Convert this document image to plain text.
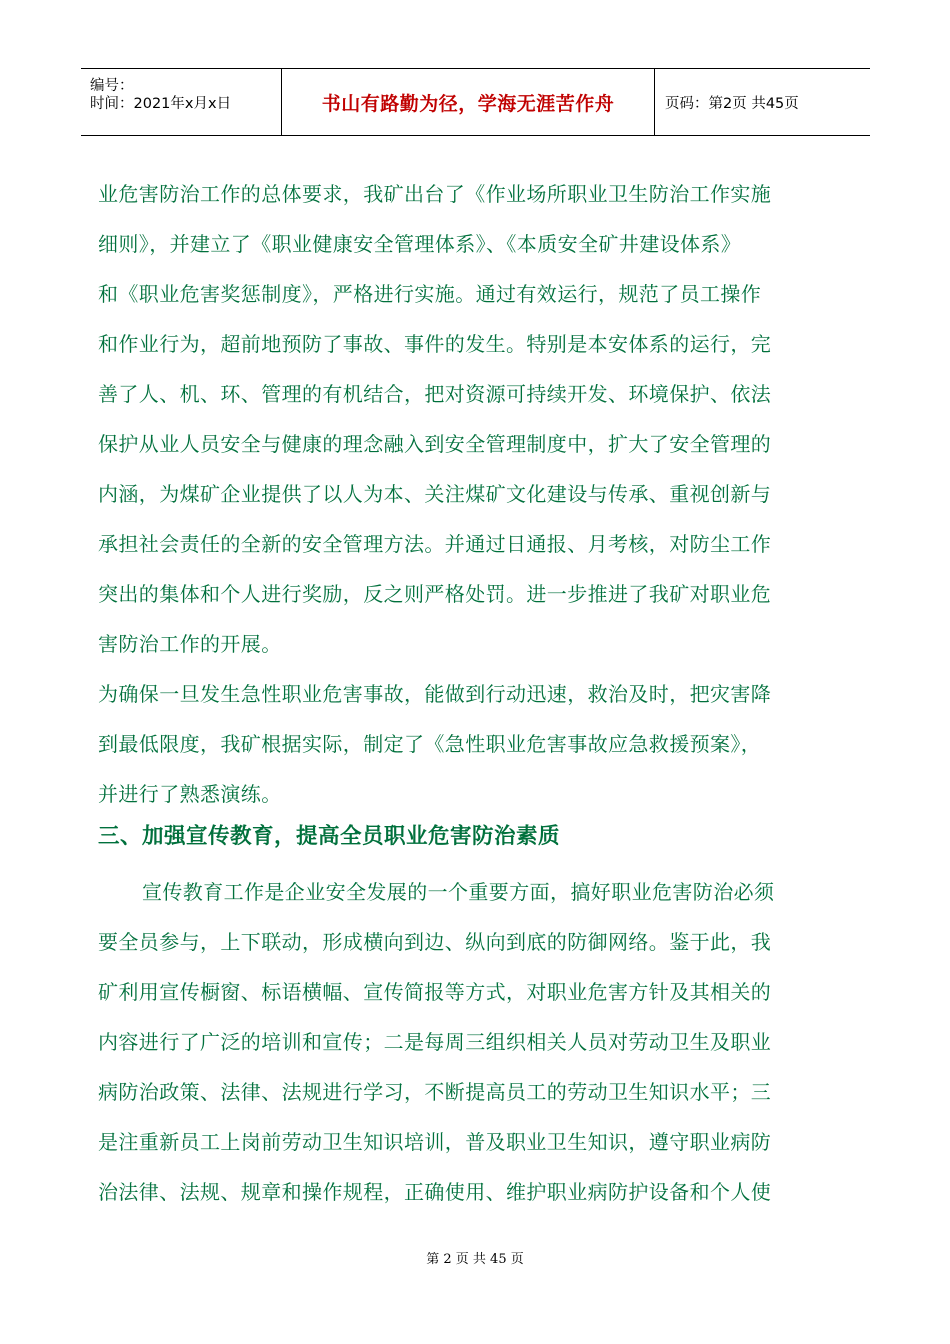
编号：
时间：2021年x月x日	书山有路勤为径，学海无涯苦作舟	页码：第2页 共45页
业危害防治工作的总体要求，我矿出台了《作业场所职业卫生防治工作实施
细则》，并建立了《职业健康安全管理体系》、《本质安全矿井建设体系》
和《职业危害奖惩制度》，严格进行实施。通过有效运行，规范了员工操作
和作业行为，超前地预防了事故、事件的发生。特别是本安体系的运行，完
善了人、机、环、管理的有机结合，把对资源可持续开发、环境保护、依法
保护从业人员安全与健康的理念融入到安全管理制度中，扩大了安全管理的
内涵，为煤矿企业提供了以人为本、关注煤矿文化建设与传承、重视创新与
承担社会责任的全新的安全管理方法。并通过日通报、月考核，对防尘工作
突出的集体和个人进行奖励，反之则严格处罚。进一步推进了我矿对职业危
害防治工作的开展。
为确保一旦发生急性职业危害事故，能做到行动迅速，救治及时，把灾害降
到最低限度，我矿根据实际，制定了《急性职业危害事故应急救援预案》，
并进行了熟悉演练。
三、加强宣传教育，提高全员职业危害防治素质
宣传教育工作是企业安全发展的一个重要方面，搞好职业危害防治必须
要全员参与，上下联动，形成横向到边、纵向到底的防御网络。鉴于此，我
矿利用宣传橱窗、标语横幅、宣传简报等方式，对职业危害方针及其相关的
内容进行了广泛的培训和宣传；二是每周三组织相关人员对劳动卫生及职业
病防治政策、法律、法规进行学习，不断提高员工的劳动卫生知识水平；三
是注重新员工上岗前劳动卫生知识培训，普及职业卫生知识，遵守职业病防
治法律、法规、规章和操作规程，正确使用、维护职业病防护设备和个人使
第 2 页 共 45 页
